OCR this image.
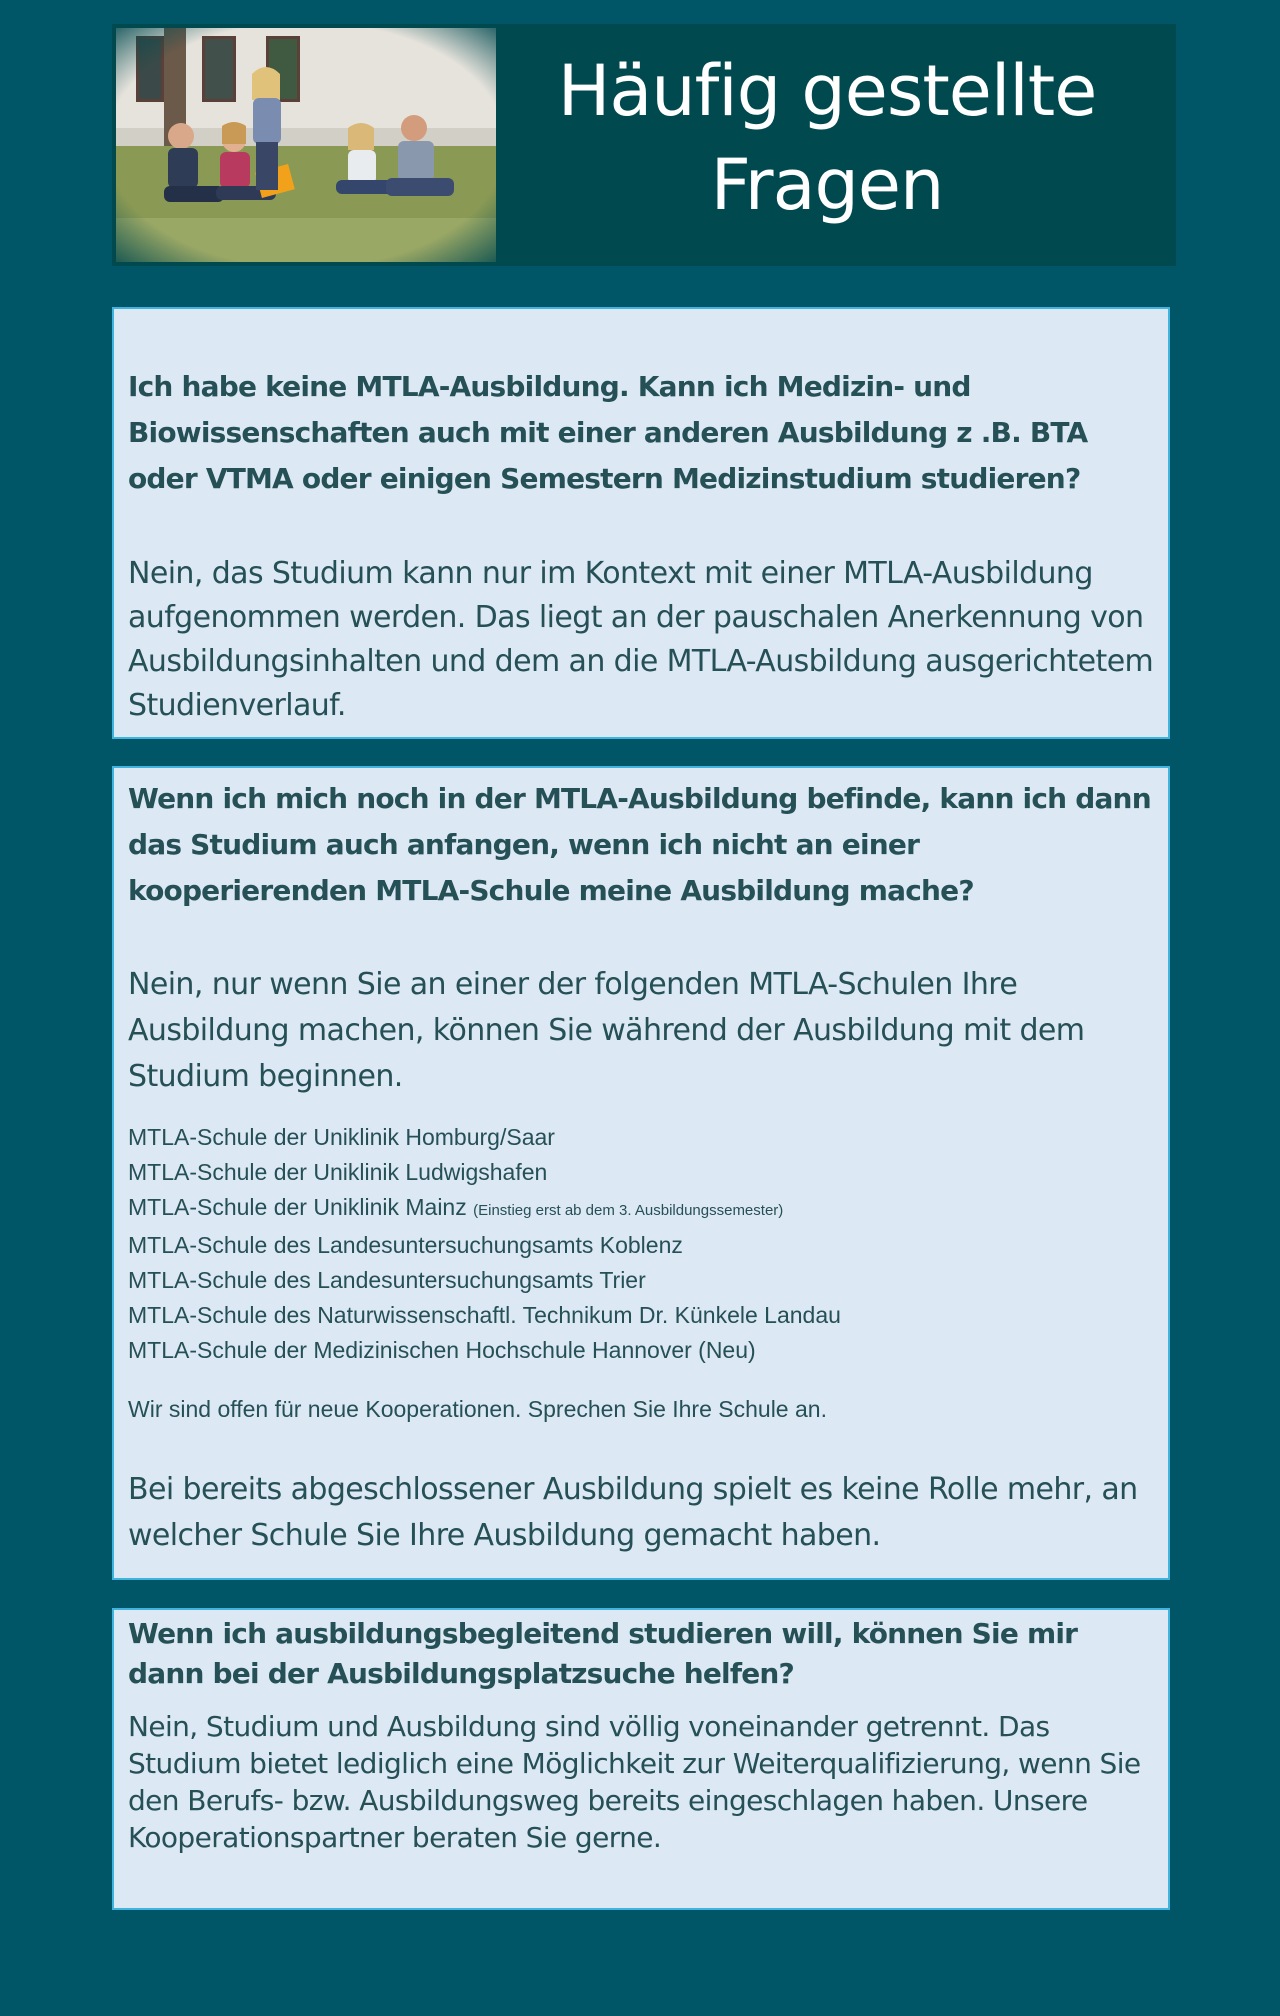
Häufig gestellte Fragen

Ich habe keine MTLA-Ausbildung. Kann ich Medizin- und Biowissenschaften auch mit einer anderen Ausbildung z .B. BTA oder VTMA oder einigen Semestern Medizinstudium studieren?

Nein, das Studium kann nur im Kontext mit einer MTLA-Ausbildung aufgenommen werden. Das liegt an der pauschalen Anerkennung von Ausbildungsinhalten und dem an die MTLA-Ausbildung ausgerichtetem Studienverlauf.

Wenn ich mich noch in der MTLA-Ausbildung befinde, kann ich dann das Studium auch anfangen, wenn ich nicht an einer kooperierenden MTLA-Schule meine Ausbildung mache?

Nein, nur wenn Sie an einer der folgenden MTLA-Schulen Ihre Ausbildung machen, können Sie während der Ausbildung mit dem Studium beginnen.

MTLA-Schule der Uniklinik Homburg/Saar
MTLA-Schule der Uniklinik Ludwigshafen
MTLA-Schule der Uniklinik Mainz (Einstieg erst ab dem 3. Ausbildungssemester)
MTLA-Schule des Landesuntersuchungsamts Koblenz
MTLA-Schule des Landesuntersuchungsamts Trier
MTLA-Schule des Naturwissenschaftl. Technikum Dr. Künkele Landau
MTLA-Schule der Medizinischen Hochschule Hannover (Neu)

Wir sind offen für neue Kooperationen. Sprechen Sie Ihre Schule an.

Bei bereits abgeschlossener Ausbildung spielt es keine Rolle mehr, an welcher Schule Sie Ihre Ausbildung gemacht haben.

Wenn ich ausbildungsbegleitend studieren will, können Sie mir dann bei der Ausbildungsplatzsuche helfen?

Nein, Studium und Ausbildung sind völlig voneinander getrennt. Das Studium bietet lediglich eine Möglichkeit zur Weiterqualifizierung, wenn Sie den Berufs- bzw. Ausbildungsweg bereits eingeschlagen haben. Unsere Kooperationspartner beraten Sie gerne.
